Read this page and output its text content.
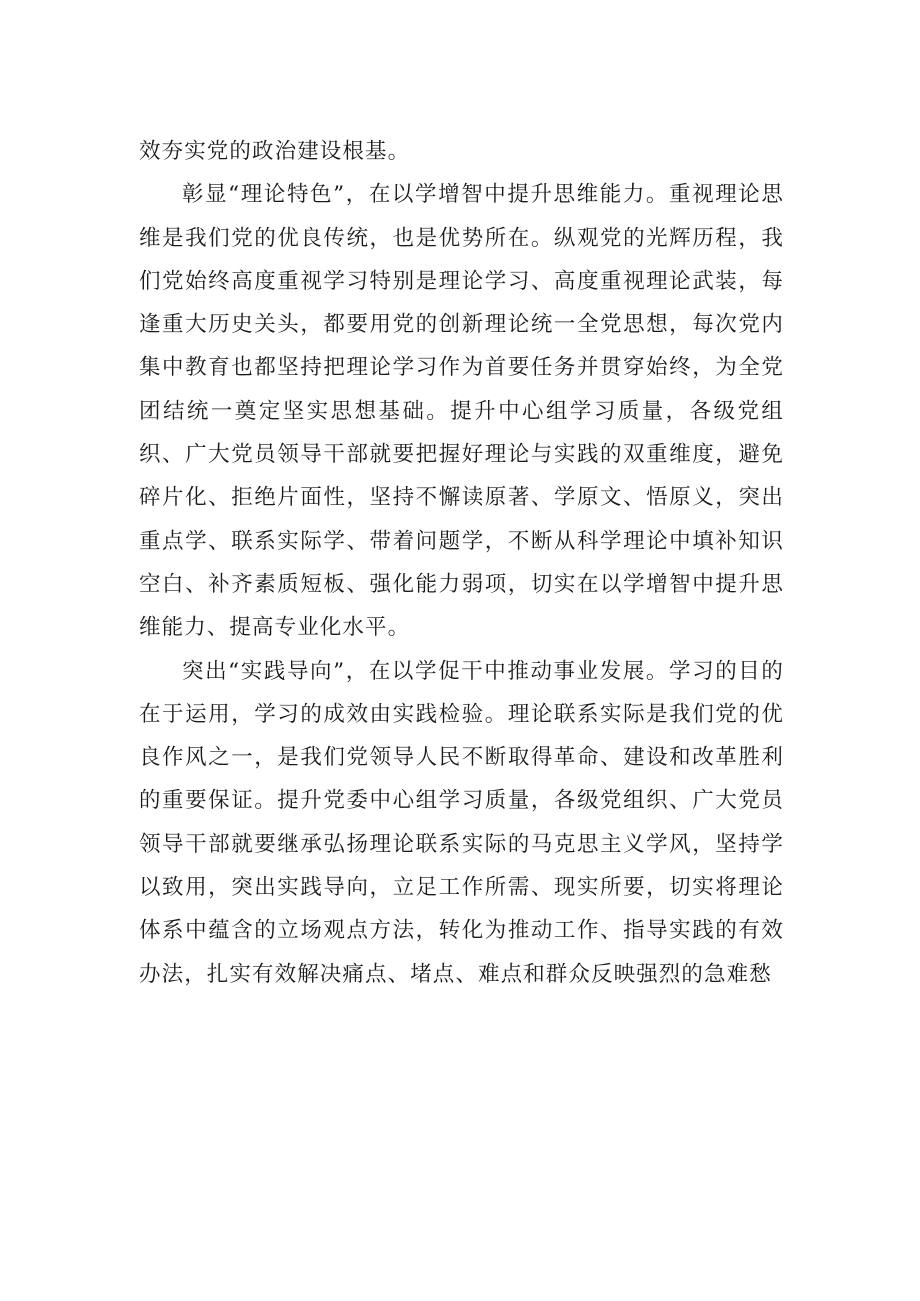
效夯实党的政治建设根基。

彰显“理论特色”，在以学增智中提升思维能力。重视理论思维是我们党的优良传统，也是优势所在。纵观党的光辉历程，我们党始终高度重视学习特别是理论学习、高度重视理论武装，每逢重大历史关头，都要用党的创新理论统一全党思想，每次党内集中教育也都坚持把理论学习作为首要任务并贯穿始终，为全党团结统一奠定坚实思想基础。提升中心组学习质量，各级党组织、广大党员领导干部就要把握好理论与实践的双重维度，避免碎片化、拒绝片面性，坚持不懈读原著、学原文、悟原义，突出重点学、联系实际学、带着问题学，不断从科学理论中填补知识空白、补齐素质短板、强化能力弱项，切实在以学增智中提升思维能力、提高专业化水平。

突出“实践导向”，在以学促干中推动事业发展。学习的目的在于运用，学习的成效由实践检验。理论联系实际是我们党的优良作风之一，是我们党领导人民不断取得革命、建设和改革胜利的重要保证。提升党委中心组学习质量，各级党组织、广大党员领导干部就要继承弘扬理论联系实际的马克思主义学风，坚持学以致用，突出实践导向，立足工作所需、现实所要，切实将理论体系中蕴含的立场观点方法，转化为推动工作、指导实践的有效办法，扎实有效解决痛点、堵点、难点和群众反映强烈的急难愁
